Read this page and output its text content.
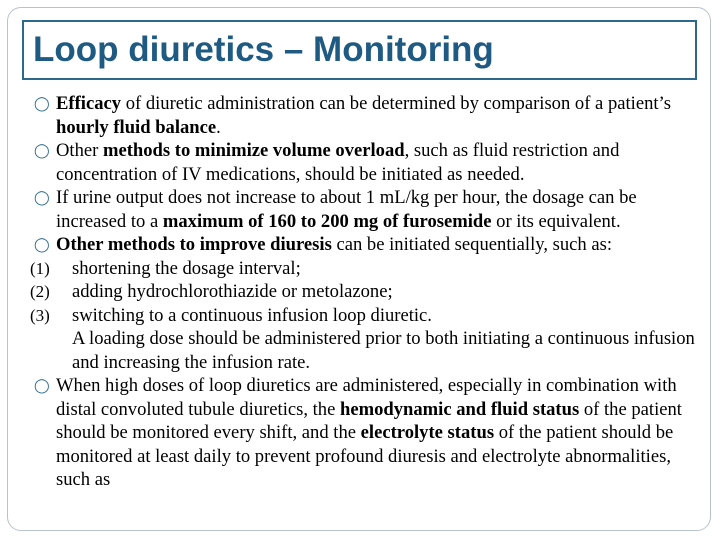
Loop diuretics – Monitoring

◯ Efficacy of diuretic administration can be determined by comparison of a patient’s hourly fluid balance.

◯ Other methods to minimize volume overload, such as fluid restriction and concentration of IV medications, should be initiated as needed.

◯ If urine output does not increase to about 1 mL/kg per hour, the dosage can be increased to a maximum of 160 to 200 mg of furosemide or its equivalent.

◯ Other methods to improve diuresis can be initiated sequentially, such as:

(1) shortening the dosage interval;

(2) adding hydrochlorothiazide or metolazone;

(3) switching to a continuous infusion loop diuretic.

A loading dose should be administered prior to both initiating a continuous infusion and increasing the infusion rate.

◯ When high doses of loop diuretics are administered, especially in combination with distal convoluted tubule diuretics, the hemodynamic and fluid status of the patient should be monitored every shift, and the electrolyte status of the patient should be monitored at least daily to prevent profound diuresis and electrolyte abnormalities, such as
